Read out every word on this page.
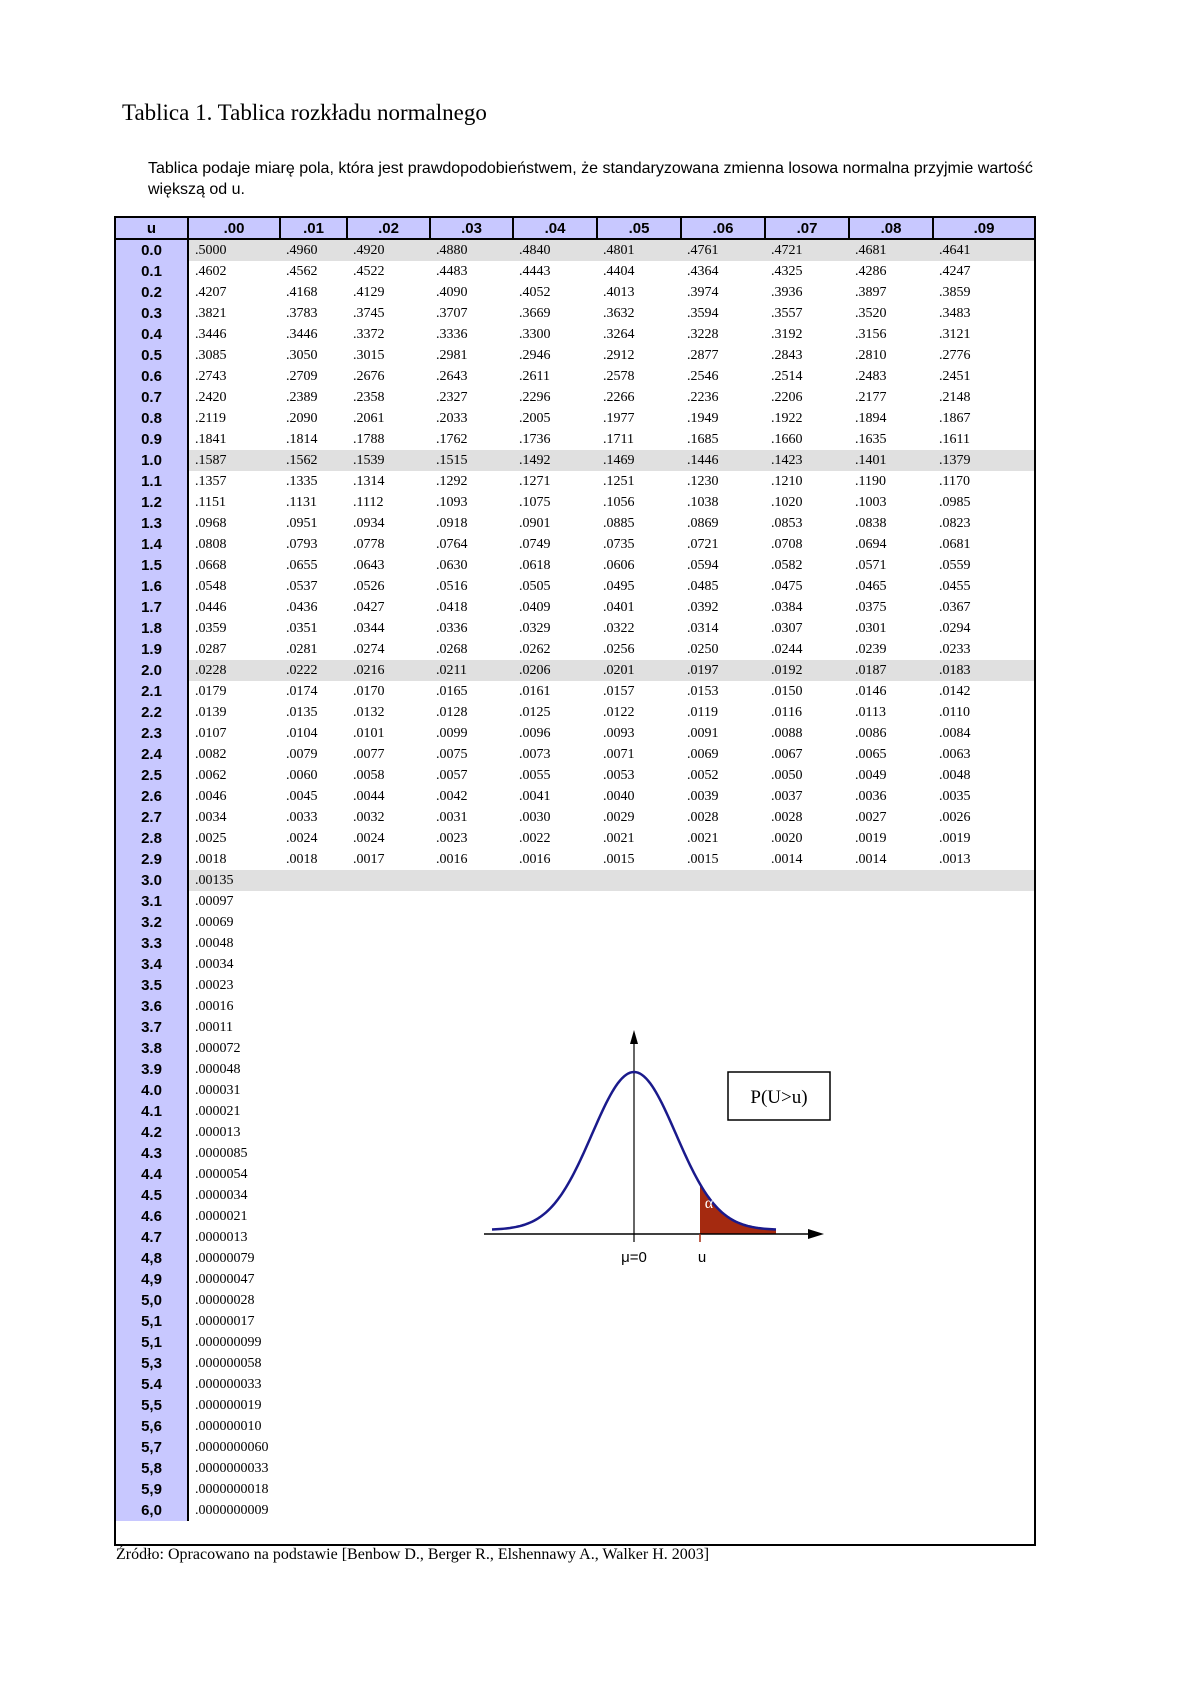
Tablica 1. Tablica rozkładu normalnego

Tablica podaje miarę pola, która jest prawdopodobieństwem, że standaryzowana zmienna losowa normalna przyjmie wartość większą od u.

u	.00	.01	.02	.03	.04	.05	.06	.07	.08	.09
0.0	.5000	.4960	.4920	.4880	.4840	.4801	.4761	.4721	.4681	.4641
0.1	.4602	.4562	.4522	.4483	.4443	.4404	.4364	.4325	.4286	.4247
0.2	.4207	.4168	.4129	.4090	.4052	.4013	.3974	.3936	.3897	.3859
0.3	.3821	.3783	.3745	.3707	.3669	.3632	.3594	.3557	.3520	.3483
0.4	.3446	.3446	.3372	.3336	.3300	.3264	.3228	.3192	.3156	.3121
0.5	.3085	.3050	.3015	.2981	.2946	.2912	.2877	.2843	.2810	.2776
0.6	.2743	.2709	.2676	.2643	.2611	.2578	.2546	.2514	.2483	.2451
0.7	.2420	.2389	.2358	.2327	.2296	.2266	.2236	.2206	.2177	.2148
0.8	.2119	.2090	.2061	.2033	.2005	.1977	.1949	.1922	.1894	.1867
0.9	.1841	.1814	.1788	.1762	.1736	.1711	.1685	.1660	.1635	.1611
1.0	.1587	.1562	.1539	.1515	.1492	.1469	.1446	.1423	.1401	.1379
1.1	.1357	.1335	.1314	.1292	.1271	.1251	.1230	.1210	.1190	.1170
1.2	.1151	.1131	.1112	.1093	.1075	.1056	.1038	.1020	.1003	.0985
1.3	.0968	.0951	.0934	.0918	.0901	.0885	.0869	.0853	.0838	.0823
1.4	.0808	.0793	.0778	.0764	.0749	.0735	.0721	.0708	.0694	.0681
1.5	.0668	.0655	.0643	.0630	.0618	.0606	.0594	.0582	.0571	.0559
1.6	.0548	.0537	.0526	.0516	.0505	.0495	.0485	.0475	.0465	.0455
1.7	.0446	.0436	.0427	.0418	.0409	.0401	.0392	.0384	.0375	.0367
1.8	.0359	.0351	.0344	.0336	.0329	.0322	.0314	.0307	.0301	.0294
1.9	.0287	.0281	.0274	.0268	.0262	.0256	.0250	.0244	.0239	.0233
2.0	.0228	.0222	.0216	.0211	.0206	.0201	.0197	.0192	.0187	.0183
2.1	.0179	.0174	.0170	.0165	.0161	.0157	.0153	.0150	.0146	.0142
2.2	.0139	.0135	.0132	.0128	.0125	.0122	.0119	.0116	.0113	.0110
2.3	.0107	.0104	.0101	.0099	.0096	.0093	.0091	.0088	.0086	.0084
2.4	.0082	.0079	.0077	.0075	.0073	.0071	.0069	.0067	.0065	.0063
2.5	.0062	.0060	.0058	.0057	.0055	.0053	.0052	.0050	.0049	.0048
2.6	.0046	.0045	.0044	.0042	.0041	.0040	.0039	.0037	.0036	.0035
2.7	.0034	.0033	.0032	.0031	.0030	.0029	.0028	.0028	.0027	.0026
2.8	.0025	.0024	.0024	.0023	.0022	.0021	.0021	.0020	.0019	.0019
2.9	.0018	.0018	.0017	.0016	.0016	.0015	.0015	.0014	.0014	.0013
3.0	.00135									
3.1	.00097									
3.2	.00069									
3.3	.00048									
3.4	.00034									
3.5	.00023									
3.6	.00016									
3.7	.00011									
3.8	.000072									
3.9	.000048									
4.0	.000031									
4.1	.000021									
4.2	.000013									
4.3	.0000085									
4.4	.0000054									
4.5	.0000034									
4.6	.0000021									
4.7	.0000013									
4,8	.00000079									
4,9	.00000047									
5,0	.00000028									
5,1	.00000017									
5,1	.000000099									
5,3	.000000058									
5.4	.000000033									
5,5	.000000019									
5,6	.000000010									
5,7	.0000000060									
5,8	.0000000033									
5,9	.0000000018									
6,0	.0000000009									
P(U>u)
α
μ=0	u

Źródło: Opracowano na podstawie [Benbow D., Berger R., Elshennawy A., Walker H. 2003]
